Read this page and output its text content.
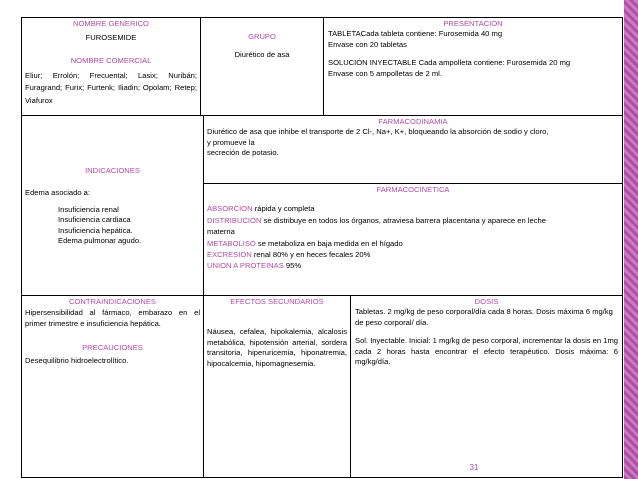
NOMBRE GENERICO
FUROSEMIDE
NOMBRE COMERCIAL
Eliur; Errolón; Frecuental; Lasix; Nuribán; Furagrand; Furix; Furtenk; Iliadin; Opolam; Retep; Viafurox
GRUPO
Diurético de asa
PRESENTACION
TABLETACada tableta contiene: Furosemida 40 mg
Envase con 20 tabletas
SOLUCIÓN INYECTABLE Cada ampolleta contiene: Furosemida 20 mg
Envase con 5 ampolletas de 2 ml.
INDICACIONES
Edema asociado a:
Insuficiencia renal
Insuficiencia cardiaca
Insuficiencia hepática.
Edema pulmonar agudo.
FARMACODINAMIA
Diurético de asa que inhibe el transporte de 2 Cl-, Na+, K+, bloqueando la absorción de sodio y cloro,
y promueve la
secreción de potasio.
FARMACOCINETICA
ABSORCION rápida y completa
DISTRIBUCION se distribuye en todos los órganos, atraviesa barrera placentaria y aparece en leche
materna
METABOLISO se metaboliza en baja medida en el hígado
EXCRESION renal 80% y en heces fecales 20%
UNION A PROTEINAS 95%
CONTRAINDICACIONES
Hipersensibilidad al fármaco, embarazo en el primer trimestre e insuficiencia hepática.
PRECAUCIONES
Desequilibrio hidroelectrolítico.
EFECTOS SECUNDARIOS
Náusea, cefalea, hipokalemia, alcalosis metabólica, hipotensión arterial, sordera transitoria, hiperuricemia, hiponatremia, hipocalcemia, hipomagnesemia.
DOSIS
Tabletas. 2 mg/kg de peso corporal/día cada 8 horas. Dosis máxima 6 mg/kg de peso corporal/ día.
Sol. Inyectable. Inicial: 1 mg/kg de peso corporal, incrementar la dosis en 1mg cada 2 horas hasta encontrar el efecto terapéutico. Dosis máxima: 6 mg/kg/día.
31
